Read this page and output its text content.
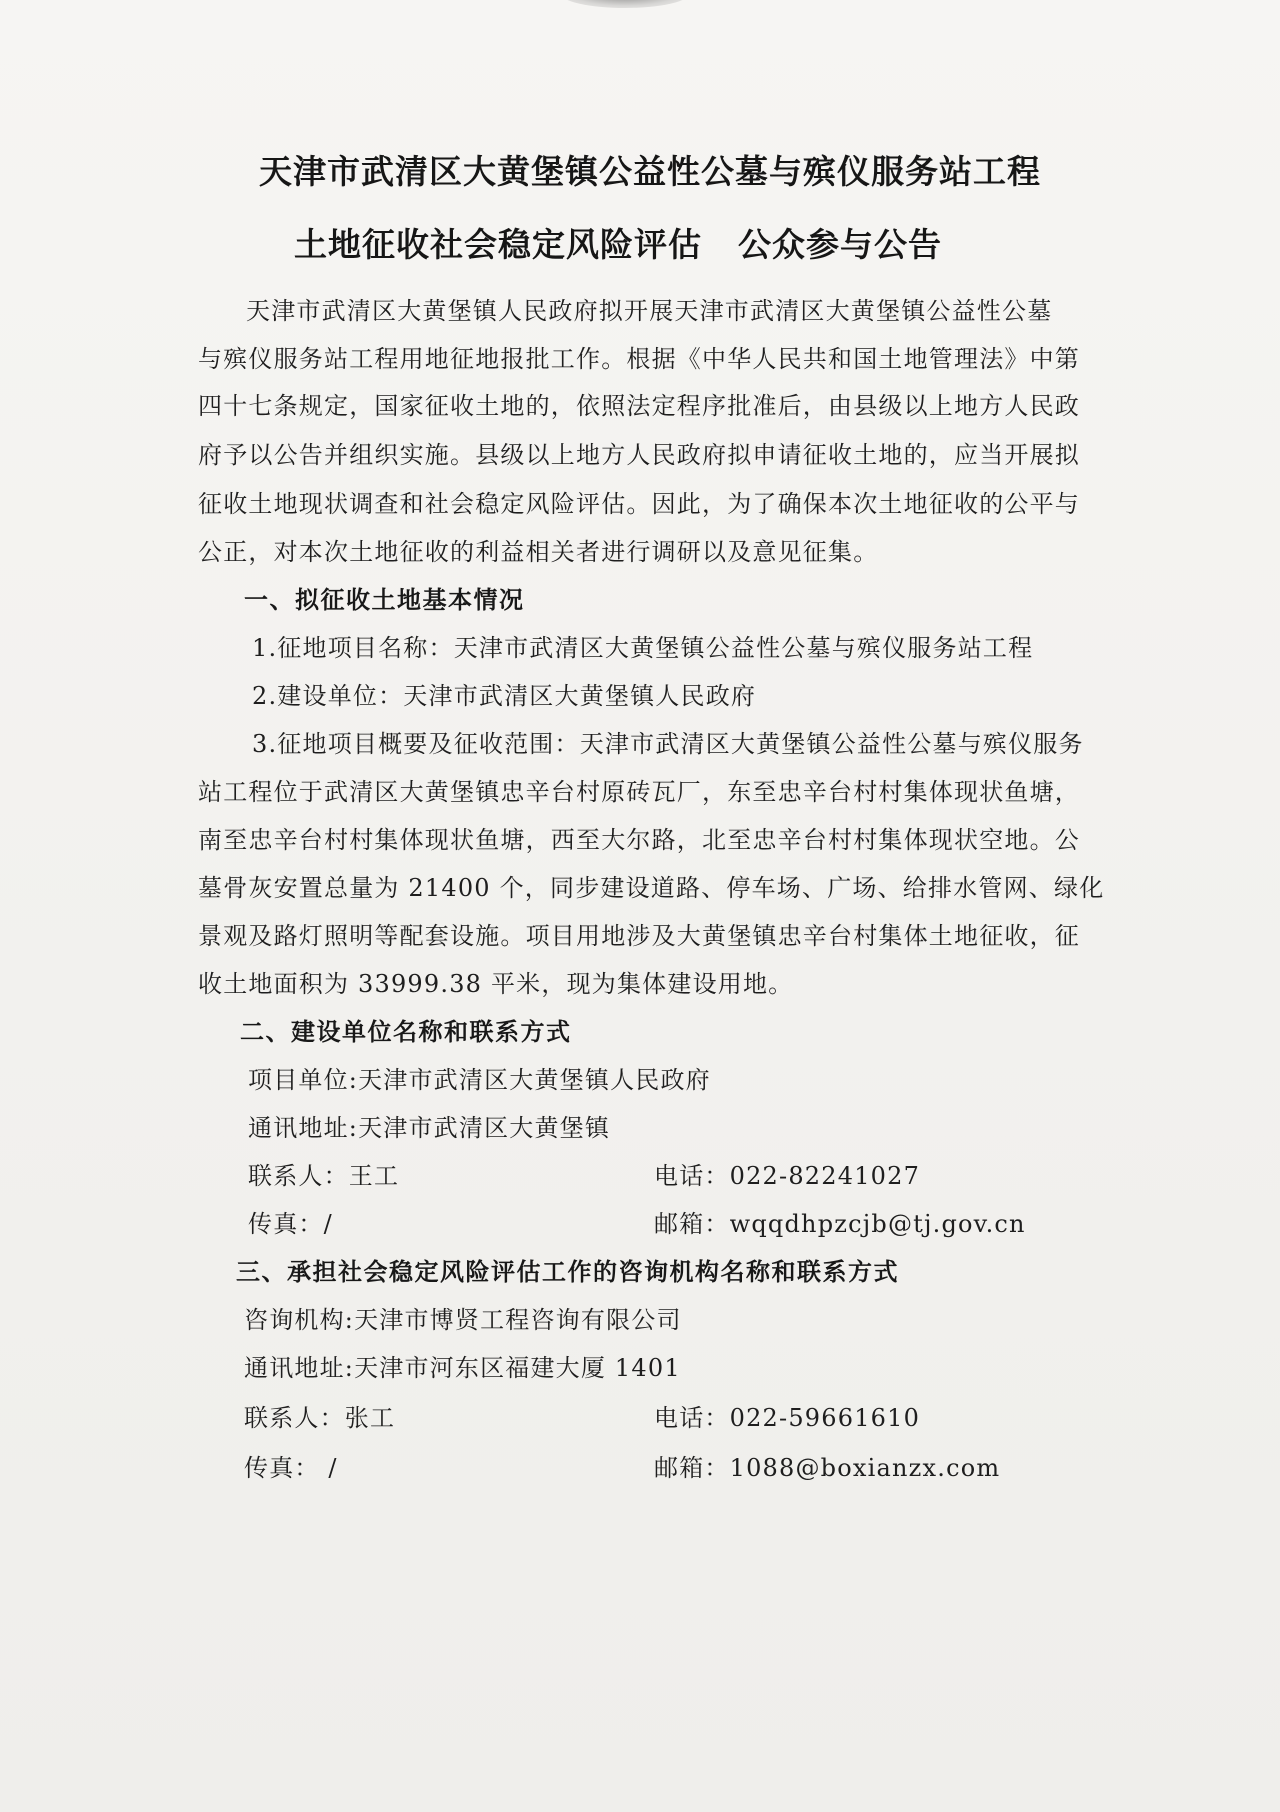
天津市武清区大黄堡镇公益性公墓与殡仪服务站工程
土地征收社会稳定风险评估 公众参与公告
天津市武清区大黄堡镇人民政府拟开展天津市武清区大黄堡镇公益性公墓
与殡仪服务站工程用地征地报批工作。根据《中华人民共和国土地管理法》中第
四十七条规定，国家征收土地的，依照法定程序批准后，由县级以上地方人民政
府予以公告并组织实施。县级以上地方人民政府拟申请征收土地的，应当开展拟
征收土地现状调查和社会稳定风险评估。因此，为了确保本次土地征收的公平与
公正，对本次土地征收的利益相关者进行调研以及意见征集。
一、拟征收土地基本情况
1.征地项目名称：天津市武清区大黄堡镇公益性公墓与殡仪服务站工程
2.建设单位：天津市武清区大黄堡镇人民政府
3.征地项目概要及征收范围：天津市武清区大黄堡镇公益性公墓与殡仪服务
站工程位于武清区大黄堡镇忠辛台村原砖瓦厂，东至忠辛台村村集体现状鱼塘，
南至忠辛台村村集体现状鱼塘，西至大尔路，北至忠辛台村村集体现状空地。公
墓骨灰安置总量为 21400 个，同步建设道路、停车场、广场、给排水管网、绿化
景观及路灯照明等配套设施。项目用地涉及大黄堡镇忠辛台村集体土地征收，征
收土地面积为 33999.38 平米，现为集体建设用地。
二、建设单位名称和联系方式
项目单位:天津市武清区大黄堡镇人民政府
通讯地址:天津市武清区大黄堡镇
联系人：王工	电话：022-82241027
传真：/	邮箱：wqqdhpzcjb@tj.gov.cn
三、承担社会稳定风险评估工作的咨询机构名称和联系方式
咨询机构:天津市博贤工程咨询有限公司
通讯地址:天津市河东区福建大厦 1401
联系人：张工	电话：022-59661610
传真： /	邮箱：1088@boxianzx.com
